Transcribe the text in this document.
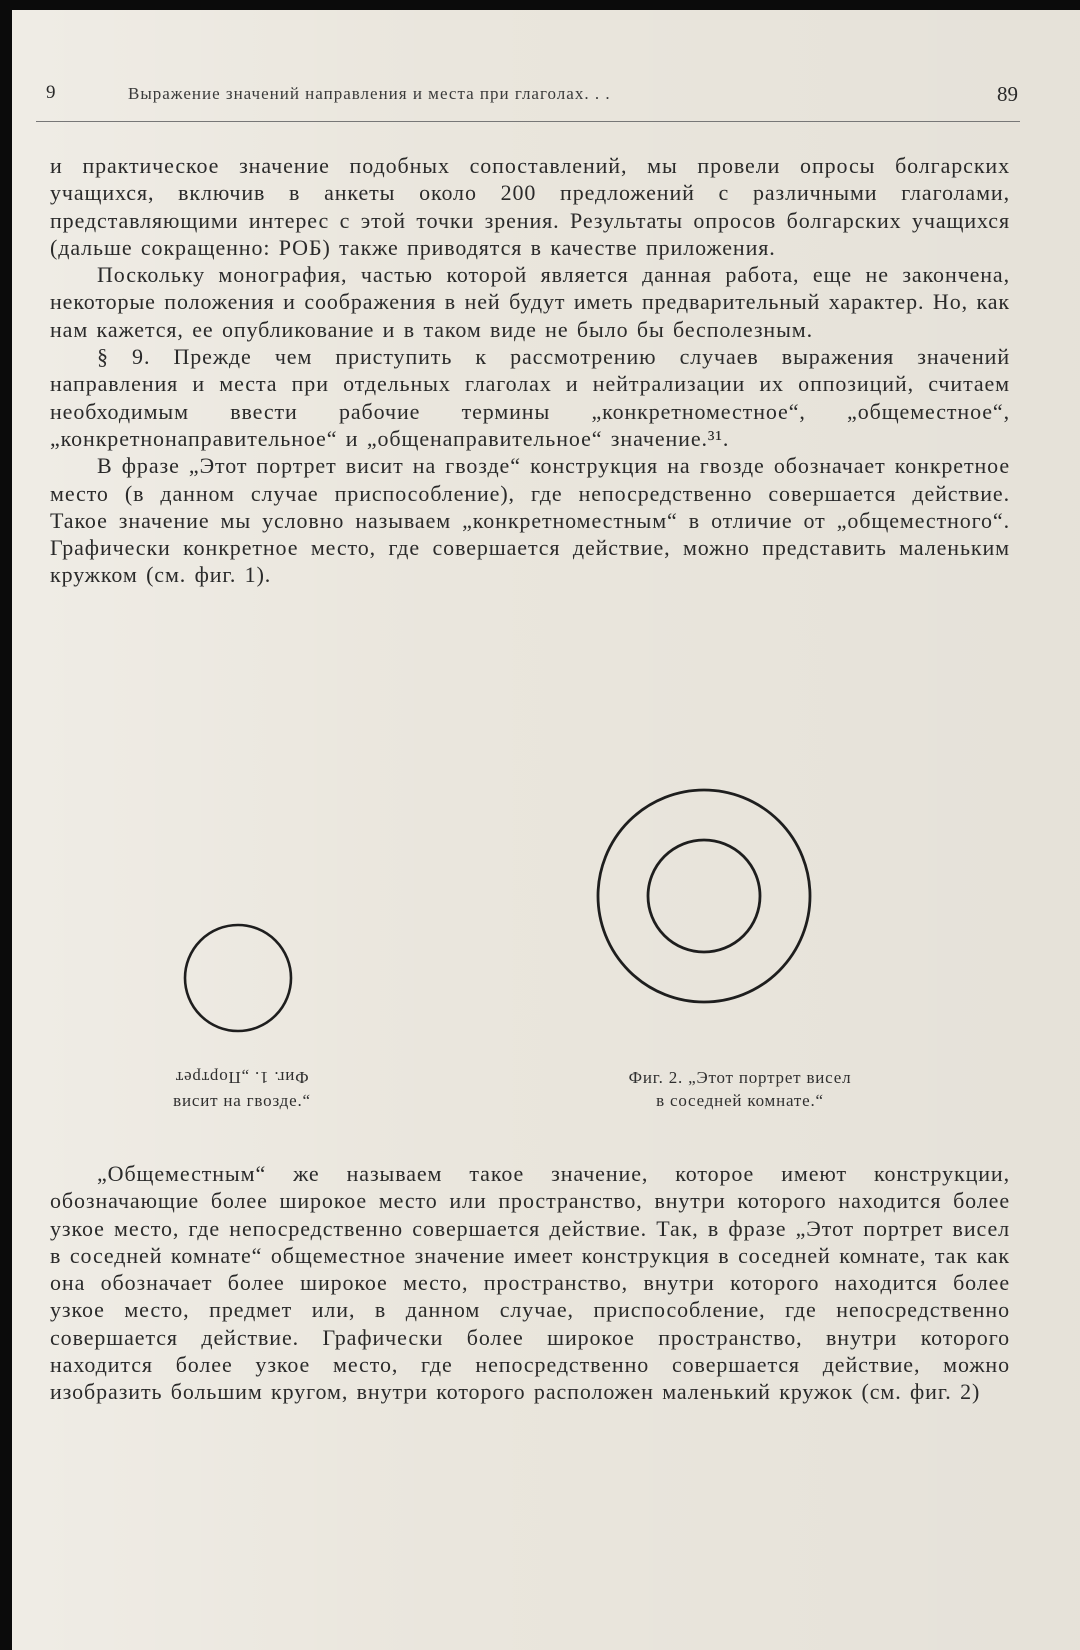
9	Выражение значений направления и места при глаголах. . .	89
и практическое значение подобных сопоставлений, мы провели опросы болгарских учащихся, включив в анкеты около 200 предложений с различными глаголами, представляющими интерес с этой точки зрения. Результаты опросов болгарских учащихся (дальше сокращенно: РОБ) также приводятся в качестве приложения.
Поскольку монография, частью которой является данная работа, еще не закончена, некоторые положения и соображения в ней будут иметь предварительный характер. Но, как нам кажется, ее опубликование и в таком виде не было бы бесполезным.
§ 9. Прежде чем приступить к рассмотрению случаев выражения значений направления и места при отдельных глаголах и нейтрализации их оппозиций, считаем необходимым ввести рабочие термины „конкретноместное“, „общеместное“, „конкретнонаправительное“ и „общенаправительное“ значение.³¹.
В фразе „Этот портрет висит на гвозде“ конструкция на гвозде обозначает конкретное место (в данном случае приспособление), где непосредственно совершается действие. Такое значение мы условно называем „конкретноместным“ в отличие от „общеместного“. Графически конкретное место, где совершается действие, можно представить маленьким кружком (см. фиг. 1).
Фиг. 1. „Портрет
висит на гвозде.“
Фиг. 2. „Этот портрет висел
в соседней комнате.“
„Общеместным“ же называем такое значение, которое имеют конструкции, обозначающие более широкое место или пространство, внутри которого находится более узкое место, где непосредственно совершается действие. Так, в фразе „Этот портрет висел в соседней комнате“ общеместное значение имеет конструкция в соседней комнате, так как она обозначает более широкое место, пространство, внутри которого находится более узкое место, предмет или, в данном случае, приспособление, где непосредственно совершается действие. Графически более широкое пространство, внутри которого находится более узкое место, где непосредственно совершается действие, можно изобразить большим кругом, внутри которого расположен маленький кружок (см. фиг. 2)
